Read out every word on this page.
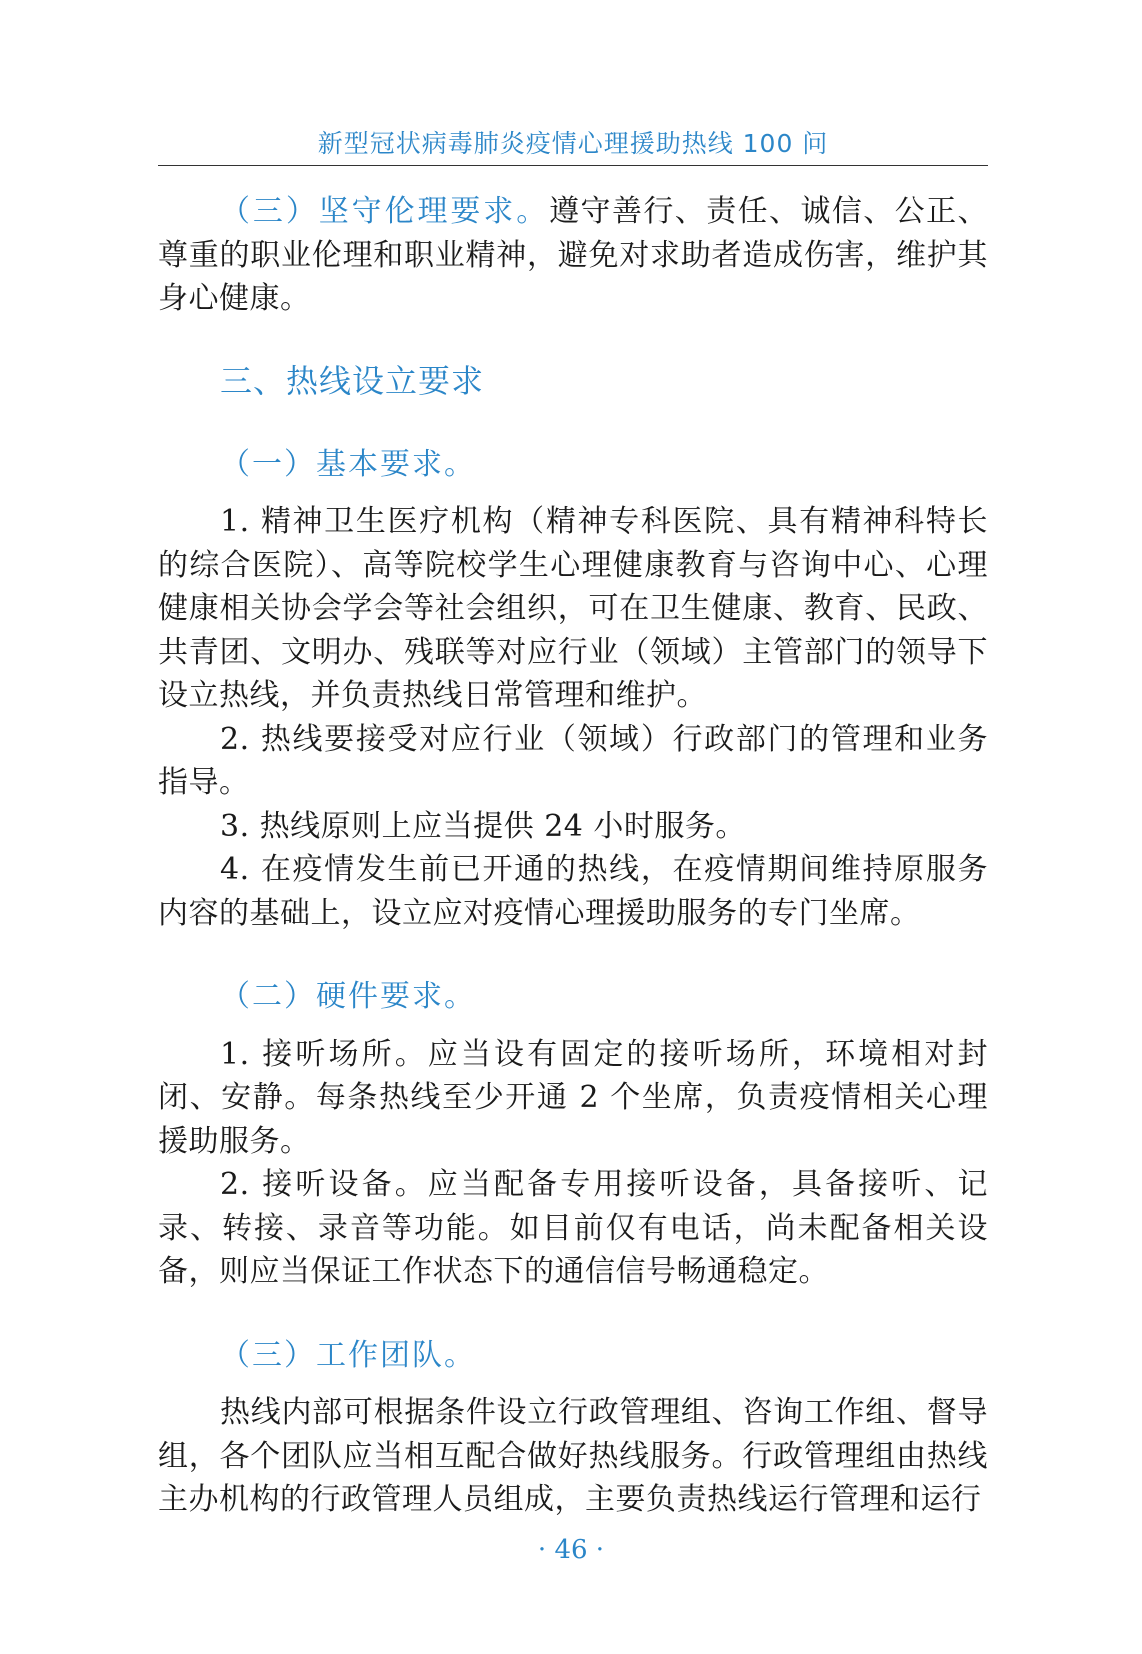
新型冠状病毒肺炎疫情心理援助热线 100 问

（三）坚守伦理要求。遵守善行、责任、诚信、公正、尊重的职业伦理和职业精神，避免对求助者造成伤害，维护其身心健康。

三、热线设立要求

（一）基本要求。

1. 精神卫生医疗机构（精神专科医院、具有精神科特长的综合医院）、高等院校学生心理健康教育与咨询中心、心理健康相关协会学会等社会组织，可在卫生健康、教育、民政、共青团、文明办、残联等对应行业（领域）主管部门的领导下设立热线，并负责热线日常管理和维护。

2. 热线要接受对应行业（领域）行政部门的管理和业务指导。

3. 热线原则上应当提供 24 小时服务。

4. 在疫情发生前已开通的热线，在疫情期间维持原服务内容的基础上，设立应对疫情心理援助服务的专门坐席。

（二）硬件要求。

1. 接听场所。应当设有固定的接听场所，环境相对封闭、安静。每条热线至少开通 2 个坐席，负责疫情相关心理援助服务。

2. 接听设备。应当配备专用接听设备，具备接听、记录、转接、录音等功能。如目前仅有电话，尚未配备相关设备，则应当保证工作状态下的通信信号畅通稳定。

（三）工作团队。

热线内部可根据条件设立行政管理组、咨询工作组、督导组，各个团队应当相互配合做好热线服务。行政管理组由热线主办机构的行政管理人员组成，主要负责热线运行管理和运行

· 46 ·
